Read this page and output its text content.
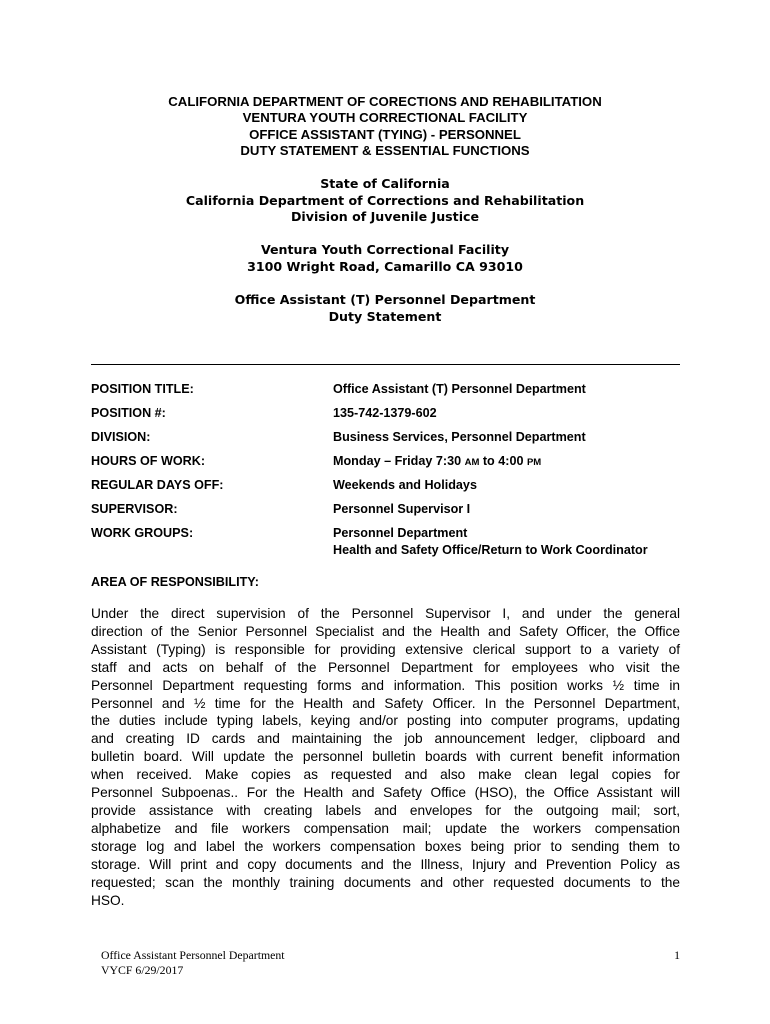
CALIFORNIA DEPARTMENT OF CORECTIONS AND REHABILITATION
VENTURA YOUTH CORRECTIONAL FACILITY
OFFICE ASSISTANT (TYING) - PERSONNEL
DUTY STATEMENT & ESSENTIAL FUNCTIONS
State of California
California Department of Corrections and Rehabilitation
Division of Juvenile Justice
Ventura Youth Correctional Facility
3100 Wright Road, Camarillo CA 93010
Office Assistant (T) Personnel Department
Duty Statement
POSITION TITLE:	Office Assistant (T) Personnel Department
POSITION #:	135-742-1379-602
DIVISION:	Business Services, Personnel Department
HOURS OF WORK:	Monday – Friday 7:30 AM to 4:00 PM
REGULAR DAYS OFF:	Weekends and Holidays
SUPERVISOR:	Personnel Supervisor I
WORK GROUPS:	Personnel Department
Health and Safety Office/Return to Work Coordinator
AREA OF RESPONSIBILITY:
Under the direct supervision of the Personnel Supervisor I, and under the general
direction of the Senior Personnel Specialist and the Health and Safety Officer, the Office
Assistant (Typing) is responsible for providing extensive clerical support to a variety of
staff and acts on behalf of the Personnel Department for employees who visit the
Personnel Department requesting forms and information. This position works ½ time in
Personnel and ½ time for the Health and Safety Officer. In the Personnel Department,
the duties include typing labels, keying and/or posting into computer programs, updating
and creating ID cards and maintaining the job announcement ledger, clipboard and
bulletin board. Will update the personnel bulletin boards with current benefit information
when received. Make copies as requested and also make clean legal copies for
Personnel Subpoenas.. For the Health and Safety Office (HSO), the Office Assistant will
provide assistance with creating labels and envelopes for the outgoing mail; sort,
alphabetize and file workers compensation mail; update the workers compensation
storage log and label the workers compensation boxes being prior to sending them to
storage. Will print and copy documents and the Illness, Injury and Prevention Policy as
requested; scan the monthly training documents and other requested documents to the
HSO.
Office Assistant Personnel Department
VYCF 6/29/2017
1
